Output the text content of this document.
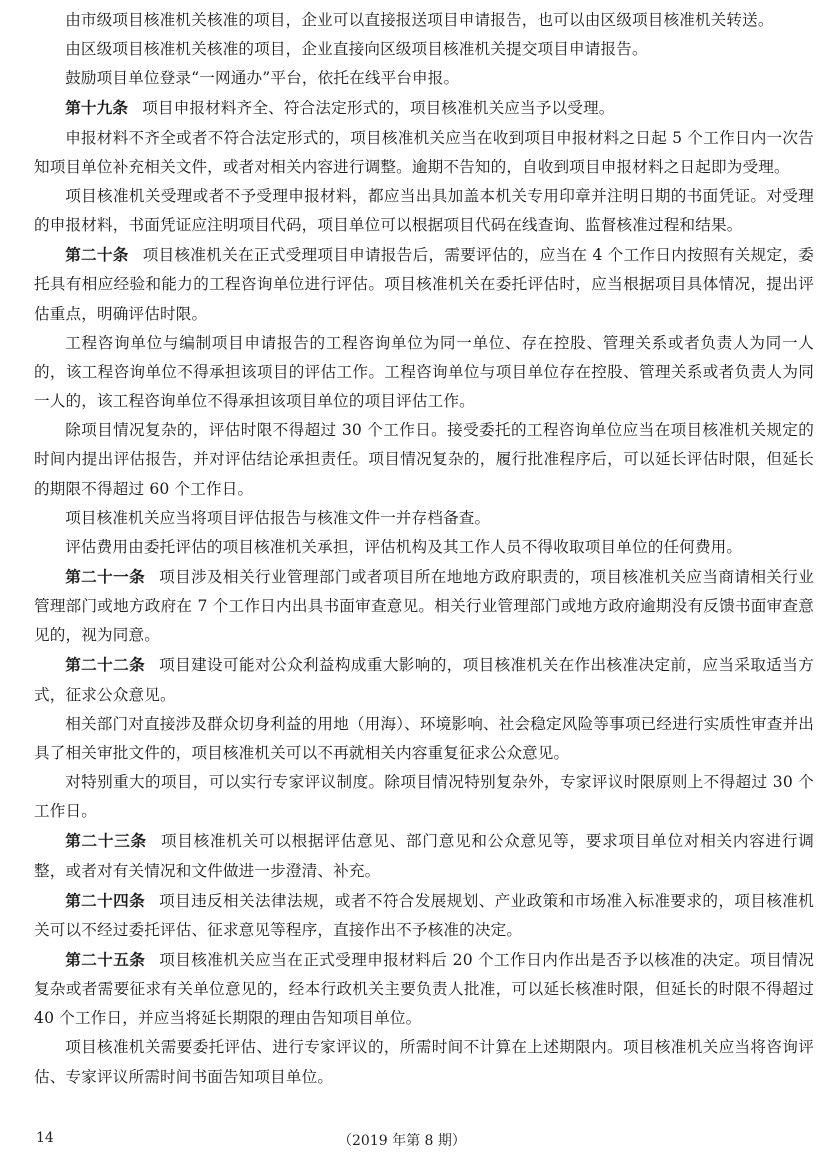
由市级项目核准机关核准的项目，企业可以直接报送项目申请报告，也可以由区级项目核准机关转送。

由区级项目核准机关核准的项目，企业直接向区级项目核准机关提交项目申请报告。

鼓励项目单位登录“一网通办”平台，依托在线平台申报。

第十九条 项目申报材料齐全、符合法定形式的，项目核准机关应当予以受理。

申报材料不齐全或者不符合法定形式的，项目核准机关应当在收到项目申报材料之日起 5 个工作日内一次告知项目单位补充相关文件，或者对相关内容进行调整。逾期不告知的，自收到项目申报材料之日起即为受理。

项目核准机关受理或者不予受理申报材料，都应当出具加盖本机关专用印章并注明日期的书面凭证。对受理的申报材料，书面凭证应注明项目代码，项目单位可以根据项目代码在线查询、监督核准过程和结果。

第二十条 项目核准机关在正式受理项目申请报告后，需要评估的，应当在 4 个工作日内按照有关规定，委托具有相应经验和能力的工程咨询单位进行评估。项目核准机关在委托评估时，应当根据项目具体情况，提出评估重点，明确评估时限。

工程咨询单位与编制项目申请报告的工程咨询单位为同一单位、存在控股、管理关系或者负责人为同一人的，该工程咨询单位不得承担该项目的评估工作。工程咨询单位与项目单位存在控股、管理关系或者负责人为同一人的，该工程咨询单位不得承担该项目单位的项目评估工作。

除项目情况复杂的，评估时限不得超过 30 个工作日。接受委托的工程咨询单位应当在项目核准机关规定的时间内提出评估报告，并对评估结论承担责任。项目情况复杂的，履行批准程序后，可以延长评估时限，但延长的期限不得超过 60 个工作日。

项目核准机关应当将项目评估报告与核准文件一并存档备查。

评估费用由委托评估的项目核准机关承担，评估机构及其工作人员不得收取项目单位的任何费用。

第二十一条 项目涉及相关行业管理部门或者项目所在地地方政府职责的，项目核准机关应当商请相关行业管理部门或地方政府在 7 个工作日内出具书面审查意见。相关行业管理部门或地方政府逾期没有反馈书面审查意见的，视为同意。

第二十二条 项目建设可能对公众利益构成重大影响的，项目核准机关在作出核准决定前，应当采取适当方式，征求公众意见。

相关部门对直接涉及群众切身利益的用地（用海）、环境影响、社会稳定风险等事项已经进行实质性审查并出具了相关审批文件的，项目核准机关可以不再就相关内容重复征求公众意见。

对特别重大的项目，可以实行专家评议制度。除项目情况特别复杂外，专家评议时限原则上不得超过 30 个工作日。

第二十三条 项目核准机关可以根据评估意见、部门意见和公众意见等，要求项目单位对相关内容进行调整，或者对有关情况和文件做进一步澄清、补充。

第二十四条 项目违反相关法律法规，或者不符合发展规划、产业政策和市场准入标准要求的，项目核准机关可以不经过委托评估、征求意见等程序，直接作出不予核准的决定。

第二十五条 项目核准机关应当在正式受理申报材料后 20 个工作日内作出是否予以核准的决定。项目情况复杂或者需要征求有关单位意见的，经本行政机关主要负责人批准，可以延长核准时限，但延长的时限不得超过 40 个工作日，并应当将延长期限的理由告知项目单位。

项目核准机关需要委托评估、进行专家评议的，所需时间不计算在上述期限内。项目核准机关应当将咨询评估、专家评议所需时间书面告知项目单位。

14	（2019 年第 8 期）
